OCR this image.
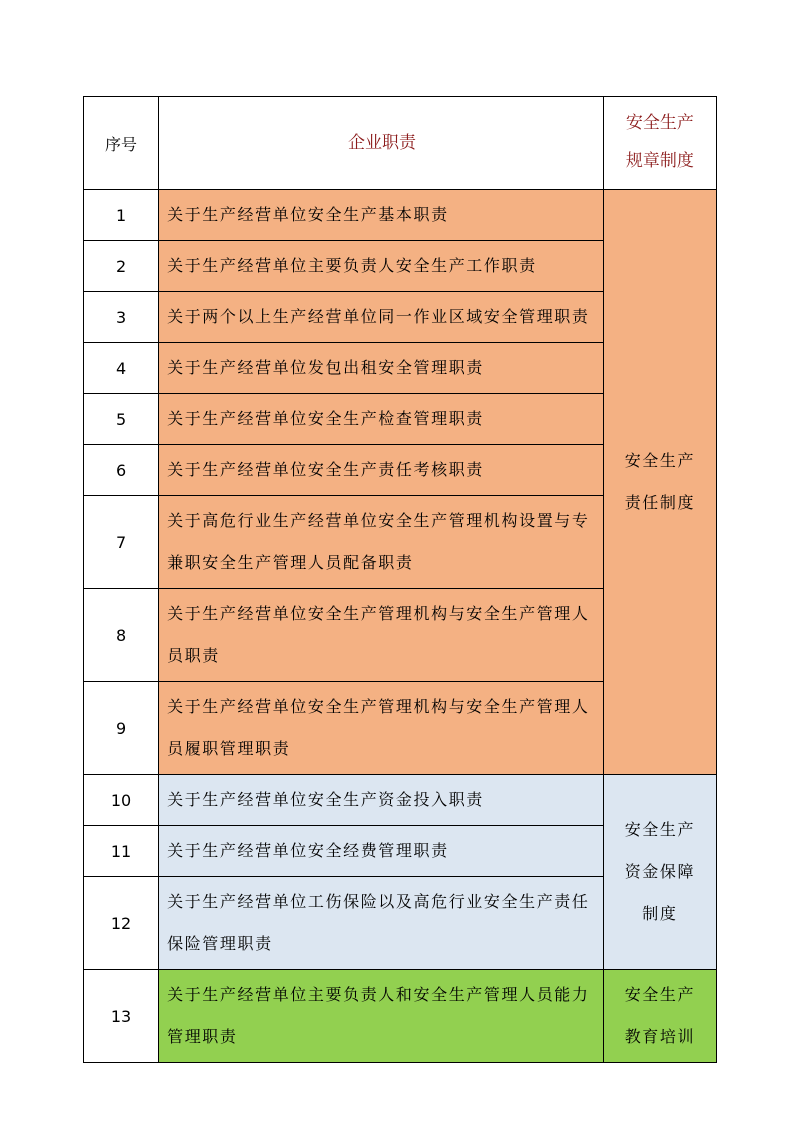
序号	企业职责	安全生产规章制度
1	关于生产经营单位安全生产基本职责	安全生产责任制度
2	关于生产经营单位主要负责人安全生产工作职责	
3	关于两个以上生产经营单位同一作业区域安全管理职责	
4	关于生产经营单位发包出租安全管理职责	
5	关于生产经营单位安全生产检查管理职责	
6	关于生产经营单位安全生产责任考核职责	
7	关于高危行业生产经营单位安全生产管理机构设置与专兼职安全生产管理人员配备职责	
8	关于生产经营单位安全生产管理机构与安全生产管理人员职责	
9	关于生产经营单位安全生产管理机构与安全生产管理人员履职管理职责	
10	关于生产经营单位安全生产资金投入职责	安全生产资金保障制度
11	关于生产经营单位安全经费管理职责	
12	关于生产经营单位工伤保险以及高危行业安全生产责任保险管理职责	
13	关于生产经营单位主要负责人和安全生产管理人员能力管理职责	安全生产教育培训
